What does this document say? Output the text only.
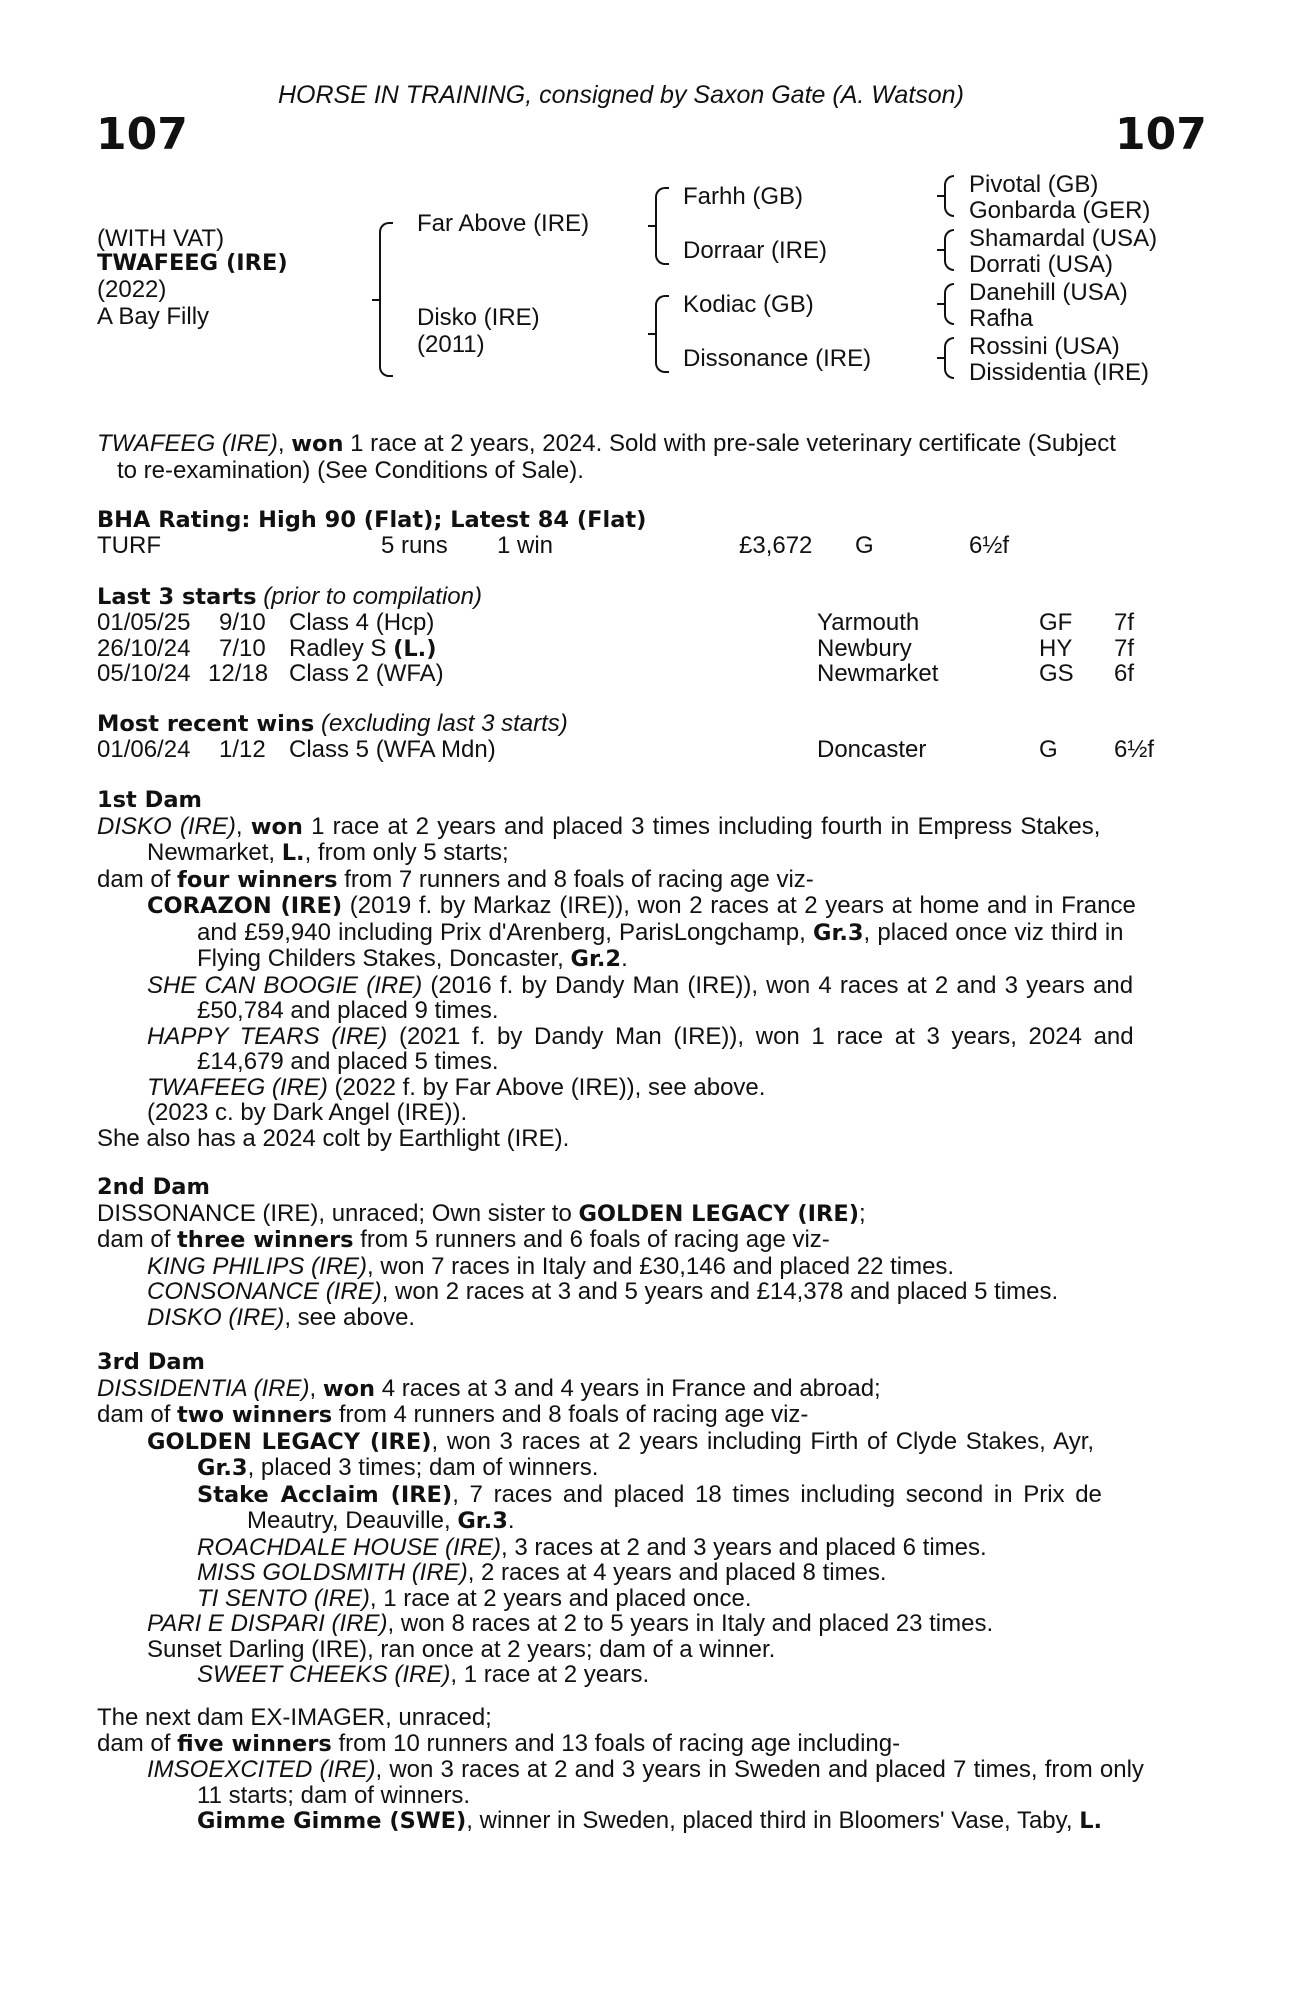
HORSE IN TRAINING, consigned by Saxon Gate (A. Watson)
107	107
(WITH VAT)
TWAFEEG (IRE)
(2022)
A Bay Filly
Far Above (IRE)
Disko (IRE)
(2011)
Farhh (GB)
Dorraar (IRE)
Kodiac (GB)
Dissonance (IRE)
Pivotal (GB)
Gonbarda (GER)
Shamardal (USA)
Dorrati (USA)
Danehill (USA)
Rafha
Rossini (USA)
Dissidentia (IRE)
TWAFEEG (IRE), won 1 race at 2 years, 2024. Sold with pre-sale veterinary certificate (Subject
to re-examination) (See Conditions of Sale).
BHA Rating: High 90 (Flat); Latest 84 (Flat)
TURF	5 runs 1 win	£3,672 G	6½f
Last 3 starts (prior to compilation)
01/05/25 9/10 Class 4 (Hcp)	Yarmouth	GF 7f
26/10/24 7/10 Radley S (L.)	Newbury	HY 7f
05/10/24 12/18 Class 2 (WFA)	Newmarket	GS 6f
Most recent wins (excluding last 3 starts)
01/06/24 1/12 Class 5 (WFA Mdn)	Doncaster	G 6½f
1st Dam
DISKO (IRE), won 1 race at 2 years and placed 3 times including fourth in Empress Stakes,
Newmarket, L., from only 5 starts;
dam of four winners from 7 runners and 8 foals of racing age viz-
CORAZON (IRE) (2019 f. by Markaz (IRE)), won 2 races at 2 years at home and in France
and £59,940 including Prix d'Arenberg, ParisLongchamp, Gr.3, placed once viz third in
Flying Childers Stakes, Doncaster, Gr.2.
SHE CAN BOOGIE (IRE) (2016 f. by Dandy Man (IRE)), won 4 races at 2 and 3 years and
£50,784 and placed 9 times.
HAPPY TEARS (IRE) (2021 f. by Dandy Man (IRE)), won 1 race at 3 years, 2024 and
£14,679 and placed 5 times.
TWAFEEG (IRE) (2022 f. by Far Above (IRE)), see above.
(2023 c. by Dark Angel (IRE)).
She also has a 2024 colt by Earthlight (IRE).
2nd Dam
DISSONANCE (IRE), unraced; Own sister to GOLDEN LEGACY (IRE);
dam of three winners from 5 runners and 6 foals of racing age viz-
KING PHILIPS (IRE), won 7 races in Italy and £30,146 and placed 22 times.
CONSONANCE (IRE), won 2 races at 3 and 5 years and £14,378 and placed 5 times.
DISKO (IRE), see above.
3rd Dam
DISSIDENTIA (IRE), won 4 races at 3 and 4 years in France and abroad;
dam of two winners from 4 runners and 8 foals of racing age viz-
GOLDEN LEGACY (IRE), won 3 races at 2 years including Firth of Clyde Stakes, Ayr,
Gr.3, placed 3 times; dam of winners.
Stake Acclaim (IRE), 7 races and placed 18 times including second in Prix de
Meautry, Deauville, Gr.3.
ROACHDALE HOUSE (IRE), 3 races at 2 and 3 years and placed 6 times.
MISS GOLDSMITH (IRE), 2 races at 4 years and placed 8 times.
TI SENTO (IRE), 1 race at 2 years and placed once.
PARI E DISPARI (IRE), won 8 races at 2 to 5 years in Italy and placed 23 times.
Sunset Darling (IRE), ran once at 2 years; dam of a winner.
SWEET CHEEKS (IRE), 1 race at 2 years.
The next dam EX-IMAGER, unraced;
dam of five winners from 10 runners and 13 foals of racing age including-
IMSOEXCITED (IRE), won 3 races at 2 and 3 years in Sweden and placed 7 times, from only
11 starts; dam of winners.
Gimme Gimme (SWE), winner in Sweden, placed third in Bloomers' Vase, Taby, L.
